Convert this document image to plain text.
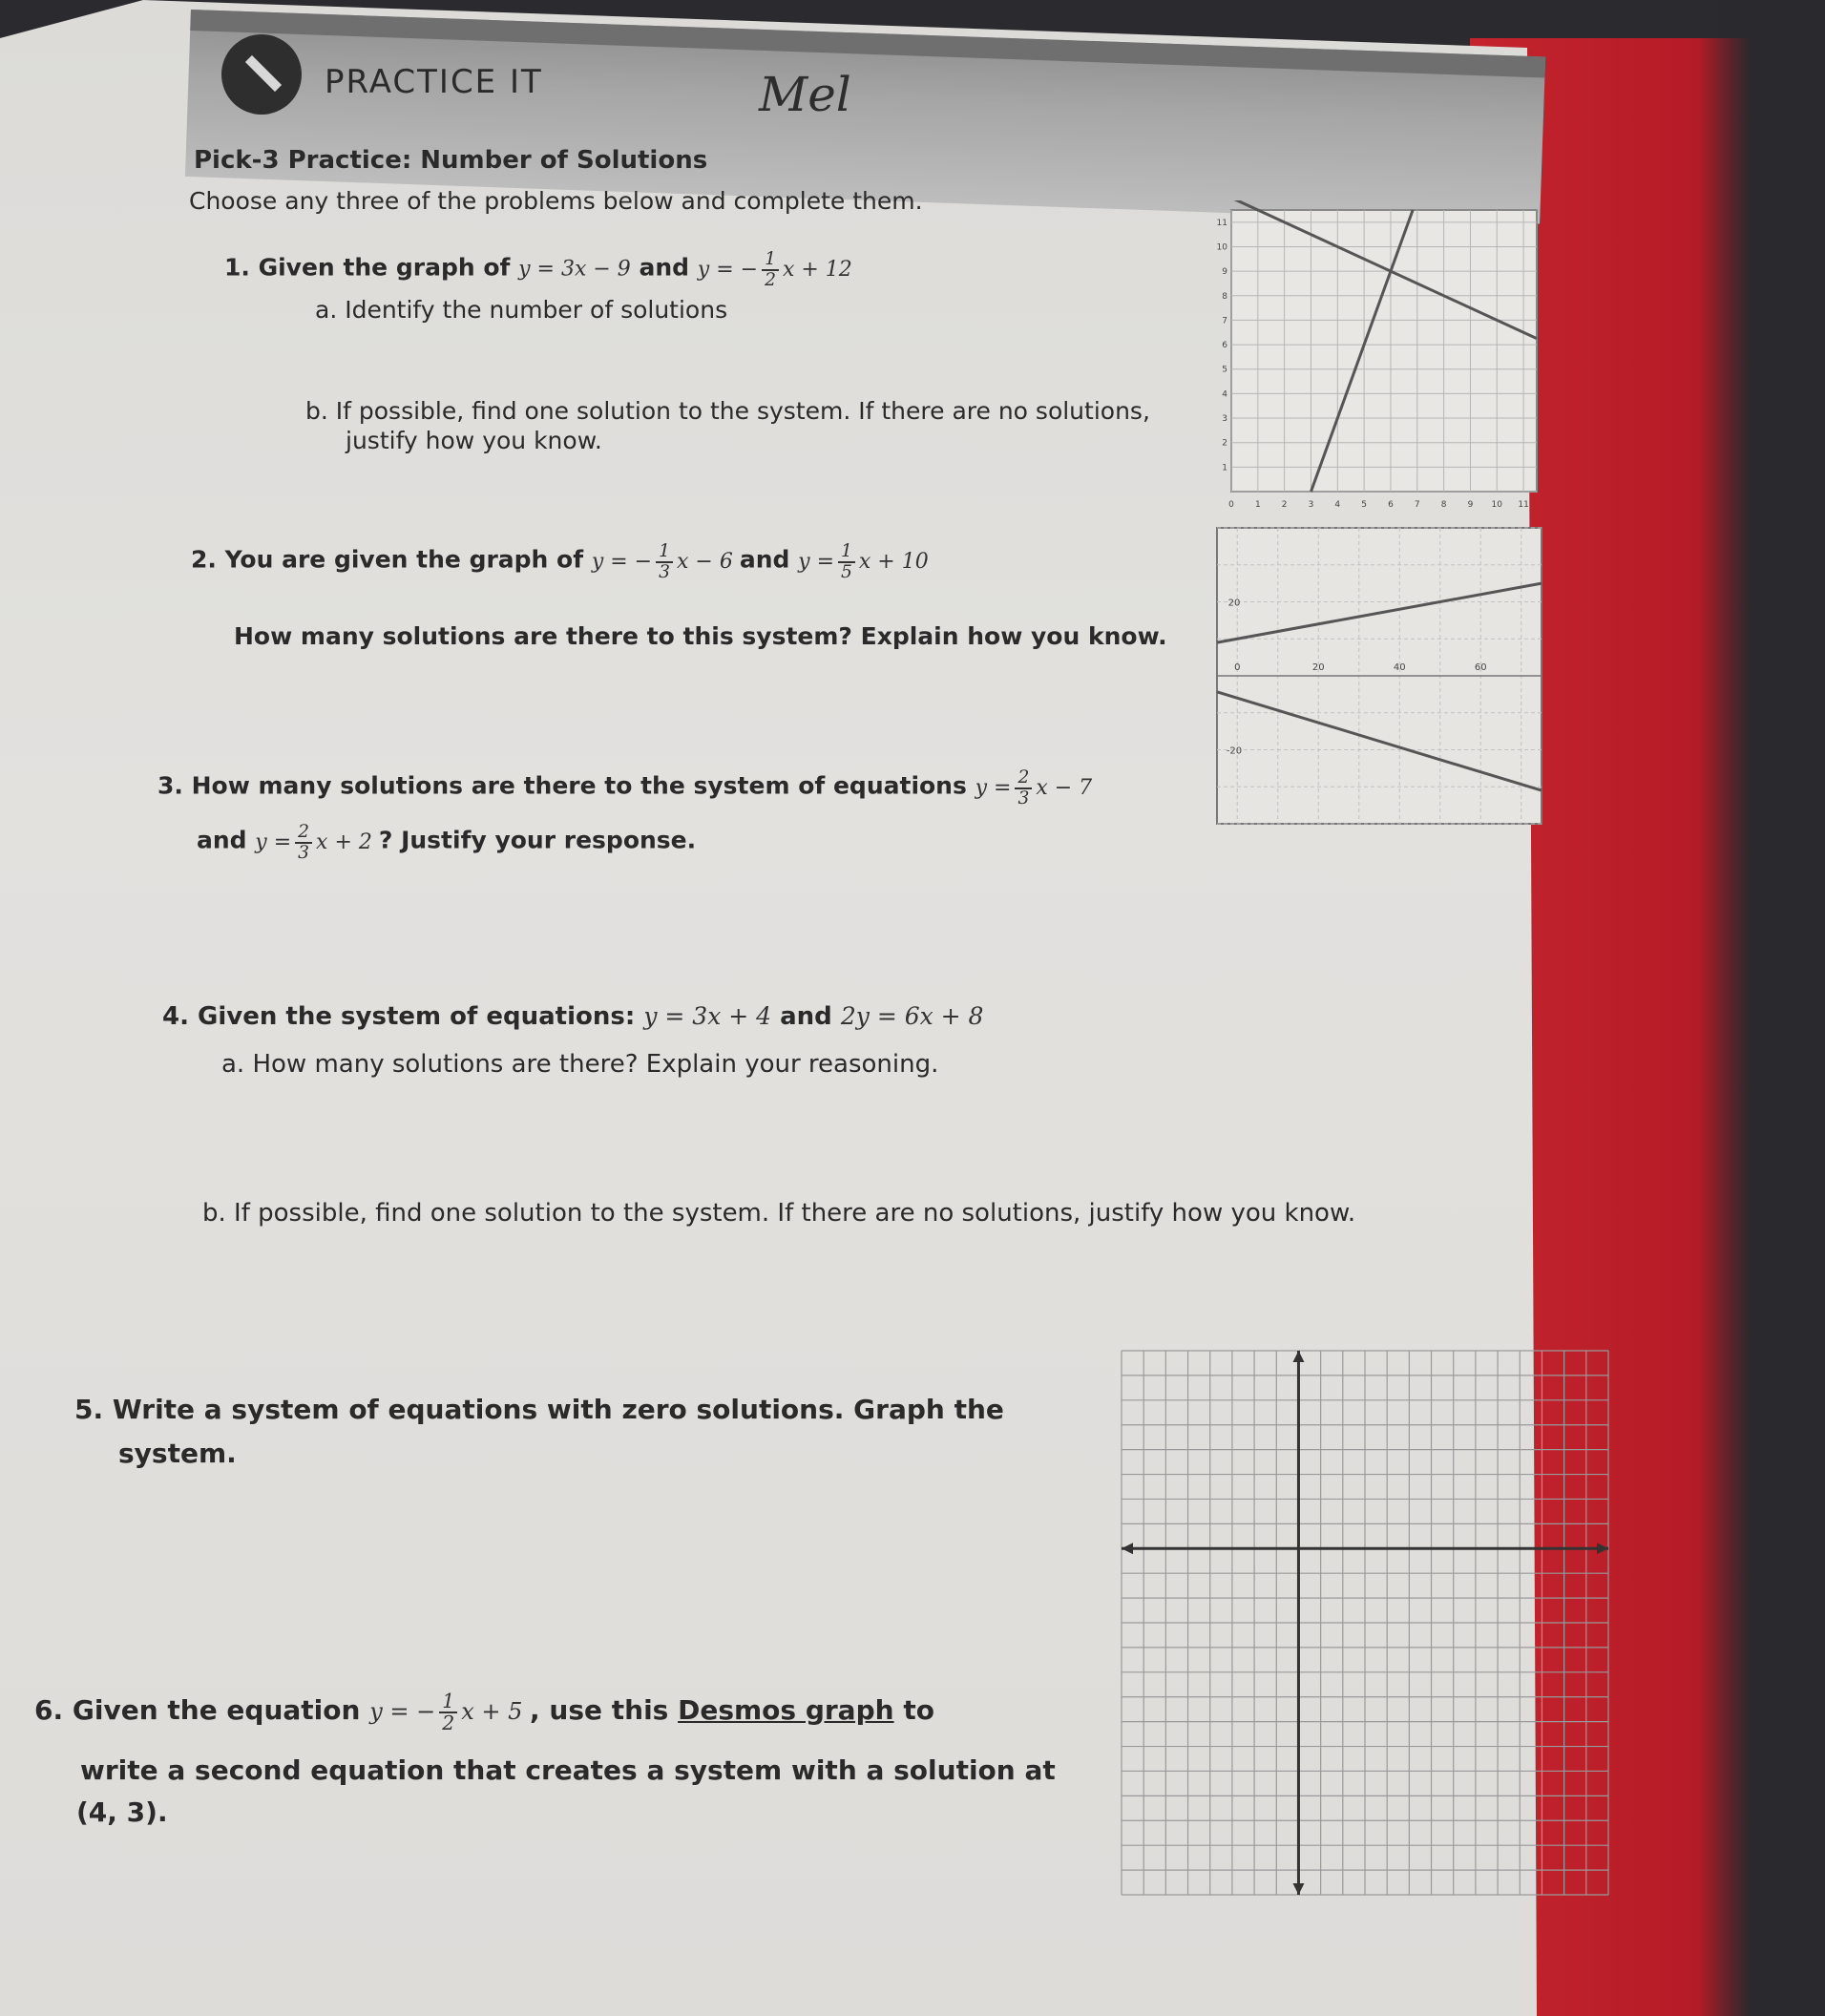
PRACTICE IT	Mel
Pick-3 Practice: Number of Solutions
Choose any three of the problems below and complete them.
1. Given the graph of y = 3x − 9 and y = − $\frac{1}{2}$ x + 12
a. Identify the number of solutions
b. If possible, find one solution to the system. If there are no solutions,
justify how you know.
0 1 2 3 4 5 6 7 8 9 10 11
1
2
3
4
5
6
7
8
9
10
11
2. You are given the graph of y = − $\frac{1}{3}$ x − 6 and $y = \frac{1}{5}$ x + 10
How many solutions are there to this system? Explain how you know.
0	20	40	60
20
-20
3. How many solutions are there to the system of equations $y = \frac{2}{3}$ x − 7
and $y = \frac{2}{3}$ x + 2 ? Justify your response.
4. Given the system of equations: y = 3x + 4 and 2y = 6x + 8
a. How many solutions are there? Explain your reasoning.
b. If possible, find one solution to the system. If there are no solutions, justify how you know.
5. Write a system of equations with zero solutions. Graph the
system.
6. Given the equation y = − $\frac{1}{2}$ x + 5 , use this Desmos graph to
write a second equation that creates a system with a solution at
(4, 3).
